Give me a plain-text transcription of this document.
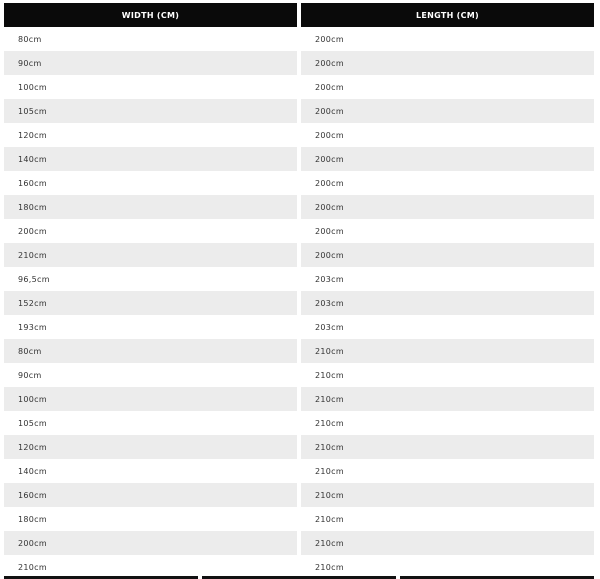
WIDTH (CM)	LENGTH (CM)
80cm	200cm
90cm	200cm
100cm	200cm
105cm	200cm
120cm	200cm
140cm	200cm
160cm	200cm
180cm	200cm
200cm	200cm
210cm	200cm
96,5cm	203cm
152cm	203cm
193cm	203cm
80cm	210cm
90cm	210cm
100cm	210cm
105cm	210cm
120cm	210cm
140cm	210cm
160cm	210cm
180cm	210cm
200cm	210cm
210cm	210cm
